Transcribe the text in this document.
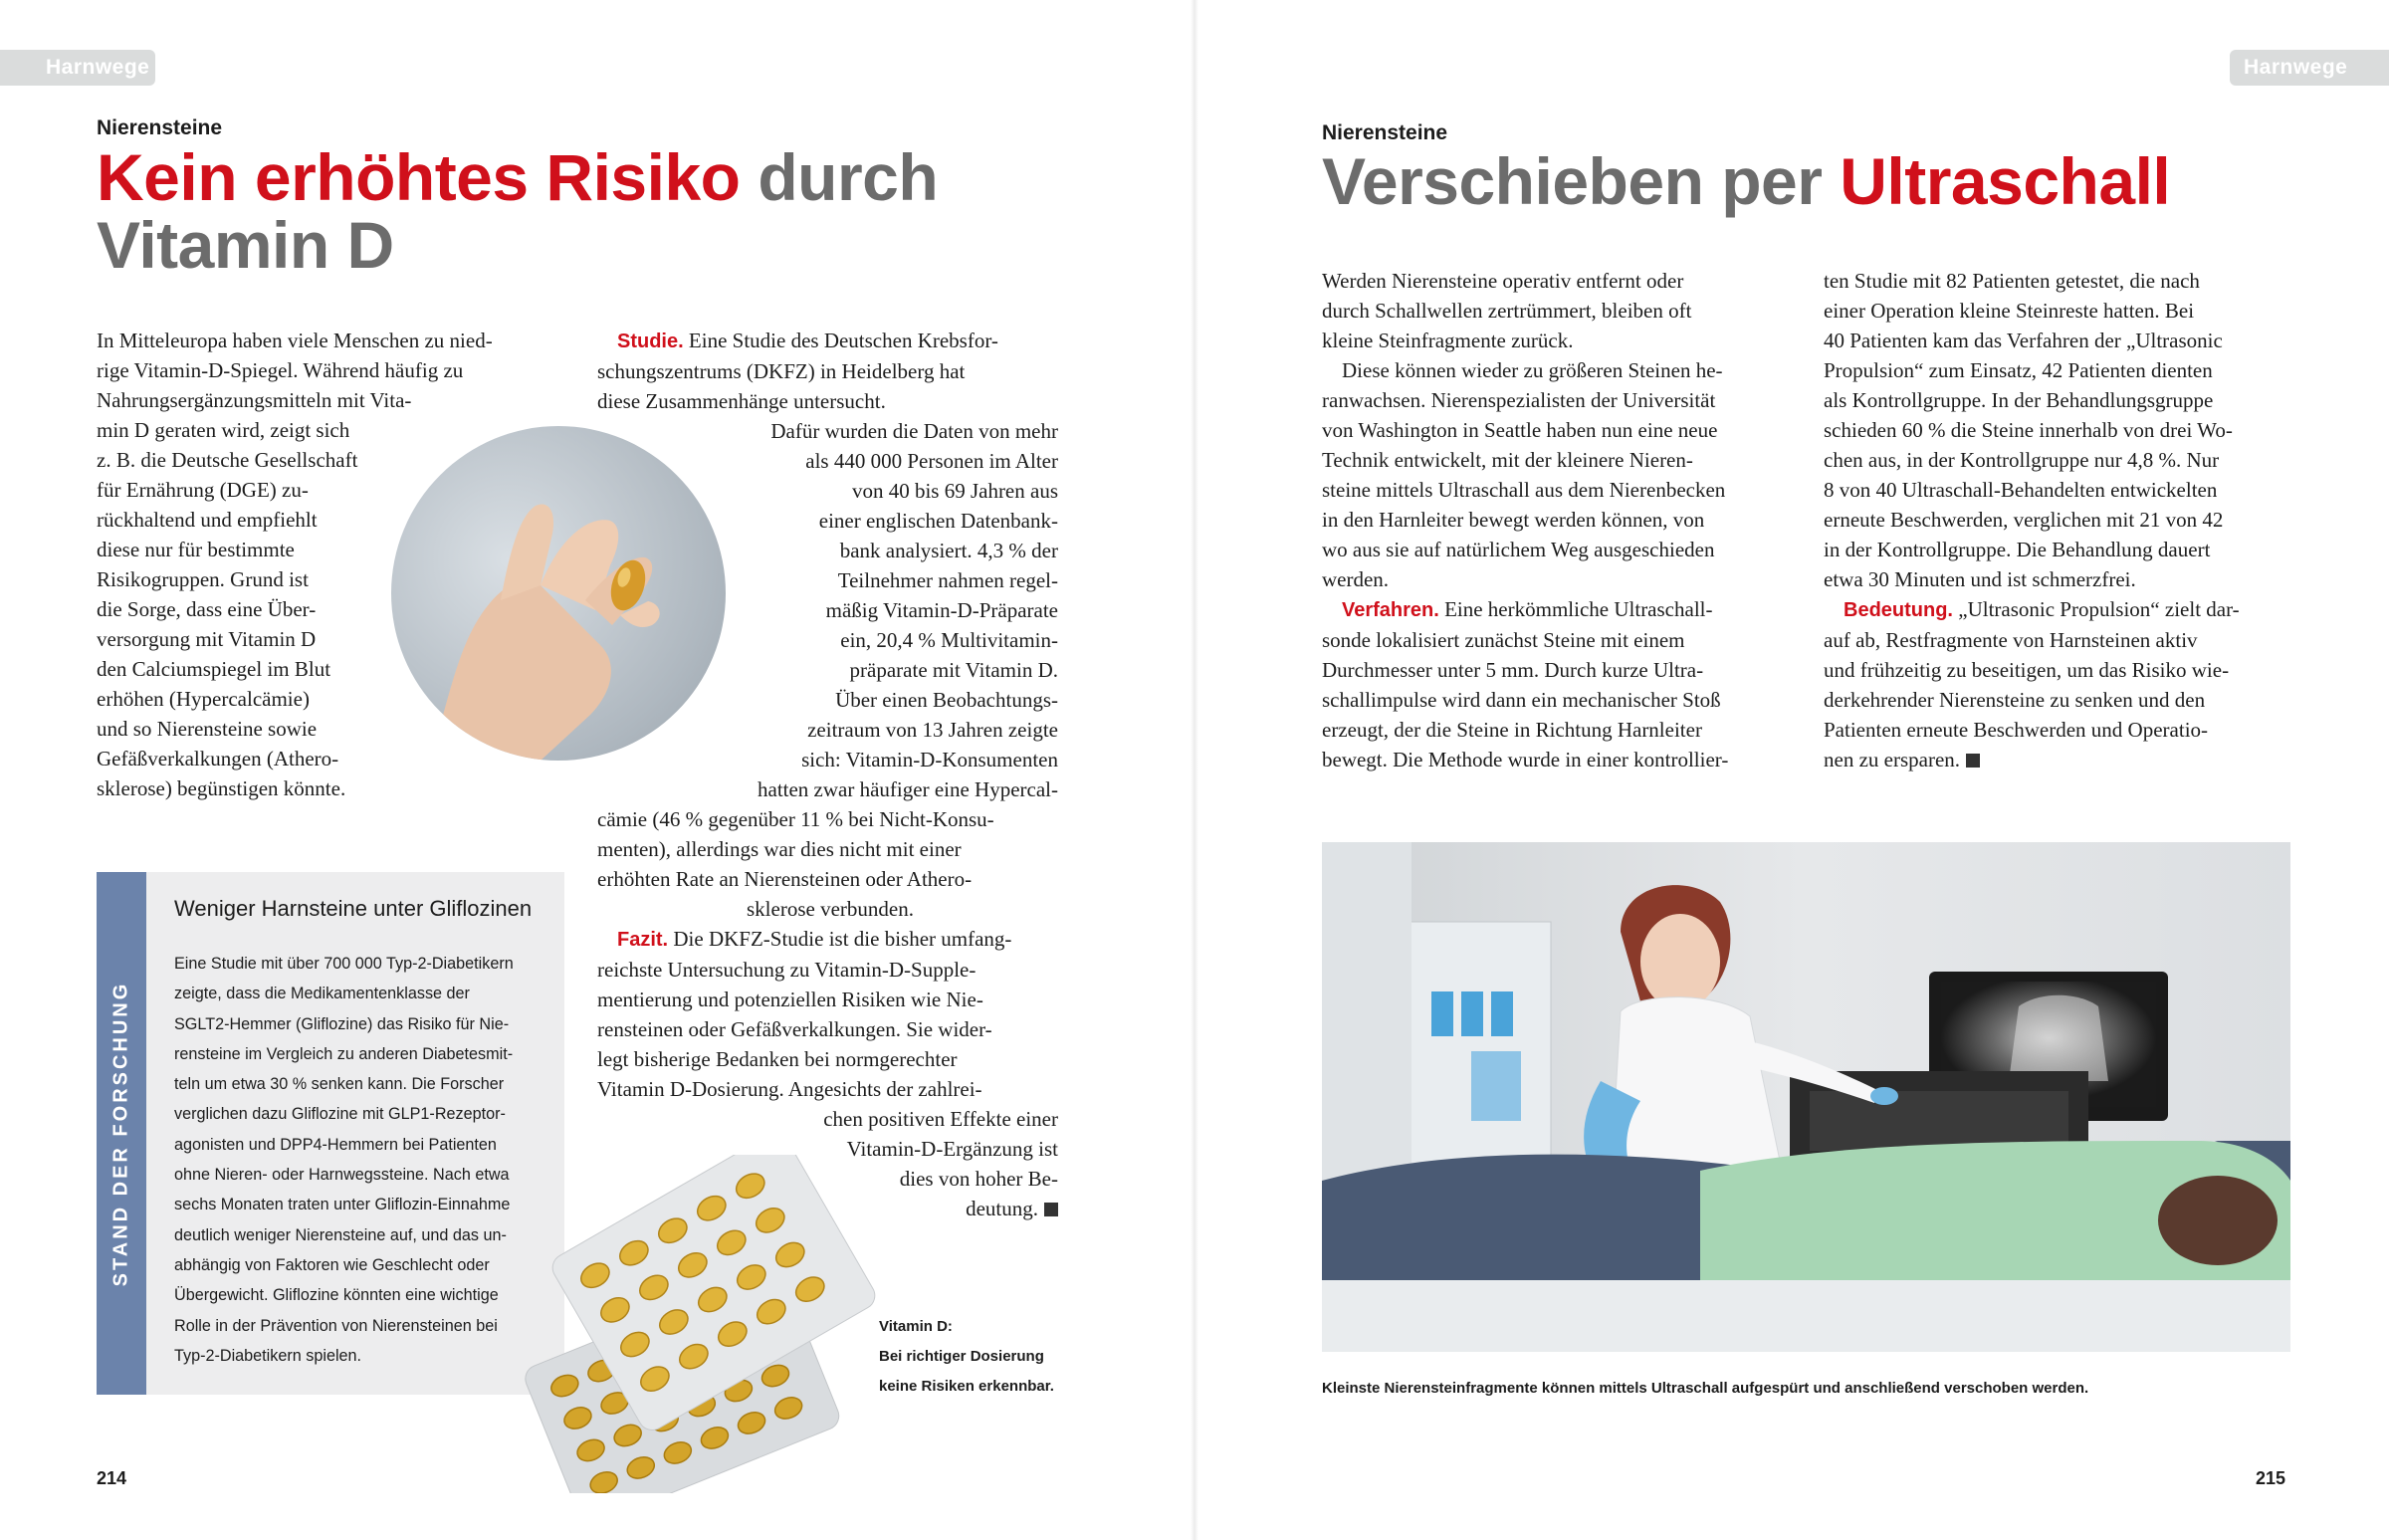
Harnwege	Harnwege
Nierensteine
Kein erhöhtes Risiko durch
Vitamin D

In Mitteleuropa haben viele Menschen zu nied-

rige Vitamin-D-Spiegel. Während häufig zu

Nahrungsergänzungsmitteln mit Vita-

min D geraten wird, zeigt sich

z. B. die Deutsche Gesellschaft

für Ernährung (DGE) zu-

rückhaltend und empfiehlt

diese nur für bestimmte

Risikogruppen. Grund ist

die Sorge, dass eine Über-

versorgung mit Vitamin D

den Calciumspiegel im Blut

erhöhen (Hypercalcämie)

und so Nierensteine sowie

Gefäßverkalkungen (Athero-

sklerose) begünstigen könnte.

Studie. Eine Studie des Deutschen Krebsfor-

schungszentrums (DKFZ) in Heidelberg hat

diese Zusammenhänge untersucht.

Dafür wurden die Daten von mehr

als 440 000 Personen im Alter

von 40 bis 69 Jahren aus

einer englischen Datenbank-

bank analysiert. 4,3 % der

Teilnehmer nahmen regel-

mäßig Vitamin-D-Präparate

ein, 20,4 % Multivitamin-

präparate mit Vitamin D.

Über einen Beobachtungs-

zeitraum von 13 Jahren zeigte

sich: Vitamin-D-Konsumenten

hatten zwar häufiger eine Hypercal-

cämie (46 % gegenüber 11 % bei Nicht-Konsu-

menten), allerdings war dies nicht mit einer

erhöhten Rate an Nierensteinen oder Athero-

sklerose verbunden.

Fazit. Die DKFZ-Studie ist die bisher umfang-

reichste Untersuchung zu Vitamin-D-Supple-

mentierung und potenziellen Risiken wie Nie-

rensteinen oder Gefäßverkalkungen. Sie wider-

legt bisherige Bedanken bei normgerechter

Vitamin D-Dosierung. Angesichts der zahlrei-

chen positiven Effekte einer

Vitamin-D-Ergänzung ist

dies von hoher Be-

deutung.

STAND DER FORSCHUNG
Weniger Harnsteine unter Gliflozinen
Eine Studie mit über 700 000 Typ-2-Diabetikern
zeigte, dass die Medikamentenklasse der
SGLT2-Hemmer (Gliflozine) das Risiko für Nie-
rensteine im Vergleich zu anderen Diabetesmit-
teln um etwa 30 % senken kann. Die Forscher
verglichen dazu Gliflozine mit GLP1-Rezeptor-
agonisten und DPP4-Hemmern bei Patienten
ohne Nieren- oder Harnwegssteine. Nach etwa
sechs Monaten traten unter Gliflozin-Einnahme
deutlich weniger Nierensteine auf, und das un-
abhängig von Faktoren wie Geschlecht oder
Übergewicht. Gliflozine könnten eine wichtige
Rolle in der Prävention von Nierensteinen bei
Typ-2-Diabetikern spielen.
Vitamin D:
Bei richtiger Dosierung
keine Risiken erkennbar.
214
Nierensteine
Verschieben per Ultraschall

Werden Nierensteine operativ entfernt oder

durch Schallwellen zertrümmert, bleiben oft

kleine Steinfragmente zurück.

Diese können wieder zu größeren Steinen he-

ranwachsen. Nierenspezialisten der Universität

von Washington in Seattle haben nun eine neue

Technik entwickelt, mit der kleinere Nieren-

steine mittels Ultraschall aus dem Nierenbecken

in den Harnleiter bewegt werden können, von

wo aus sie auf natürlichem Weg ausgeschieden

werden.

Verfahren. Eine herkömmliche Ultraschall-

sonde lokalisiert zunächst Steine mit einem

Durchmesser unter 5 mm. Durch kurze Ultra-

schallimpulse wird dann ein mechanischer Stoß

erzeugt, der die Steine in Richtung Harnleiter

bewegt. Die Methode wurde in einer kontrollier-

ten Studie mit 82 Patienten getestet, die nach

einer Operation kleine Steinreste hatten. Bei

40 Patienten kam das Verfahren der „Ultrasonic

Propulsion“ zum Einsatz, 42 Patienten dienten

als Kontrollgruppe. In der Behandlungsgruppe

schieden 60 % die Steine innerhalb von drei Wo-

chen aus, in der Kontrollgruppe nur 4,8 %. Nur

8 von 40 Ultraschall-Behandelten entwickelten

erneute Beschwerden, verglichen mit 21 von 42

in der Kontrollgruppe. Die Behandlung dauert

etwa 30 Minuten und ist schmerzfrei.

Bedeutung. „Ultrasonic Propulsion“ zielt dar-

auf ab, Restfragmente von Harnsteinen aktiv

und frühzeitig zu beseitigen, um das Risiko wie-

derkehrender Nierensteine zu senken und den

Patienten erneute Beschwerden und Operatio-

nen zu ersparen.

Kleinste Nierensteinfragmente können mittels Ultraschall aufgespürt und anschließend verschoben werden.
215
